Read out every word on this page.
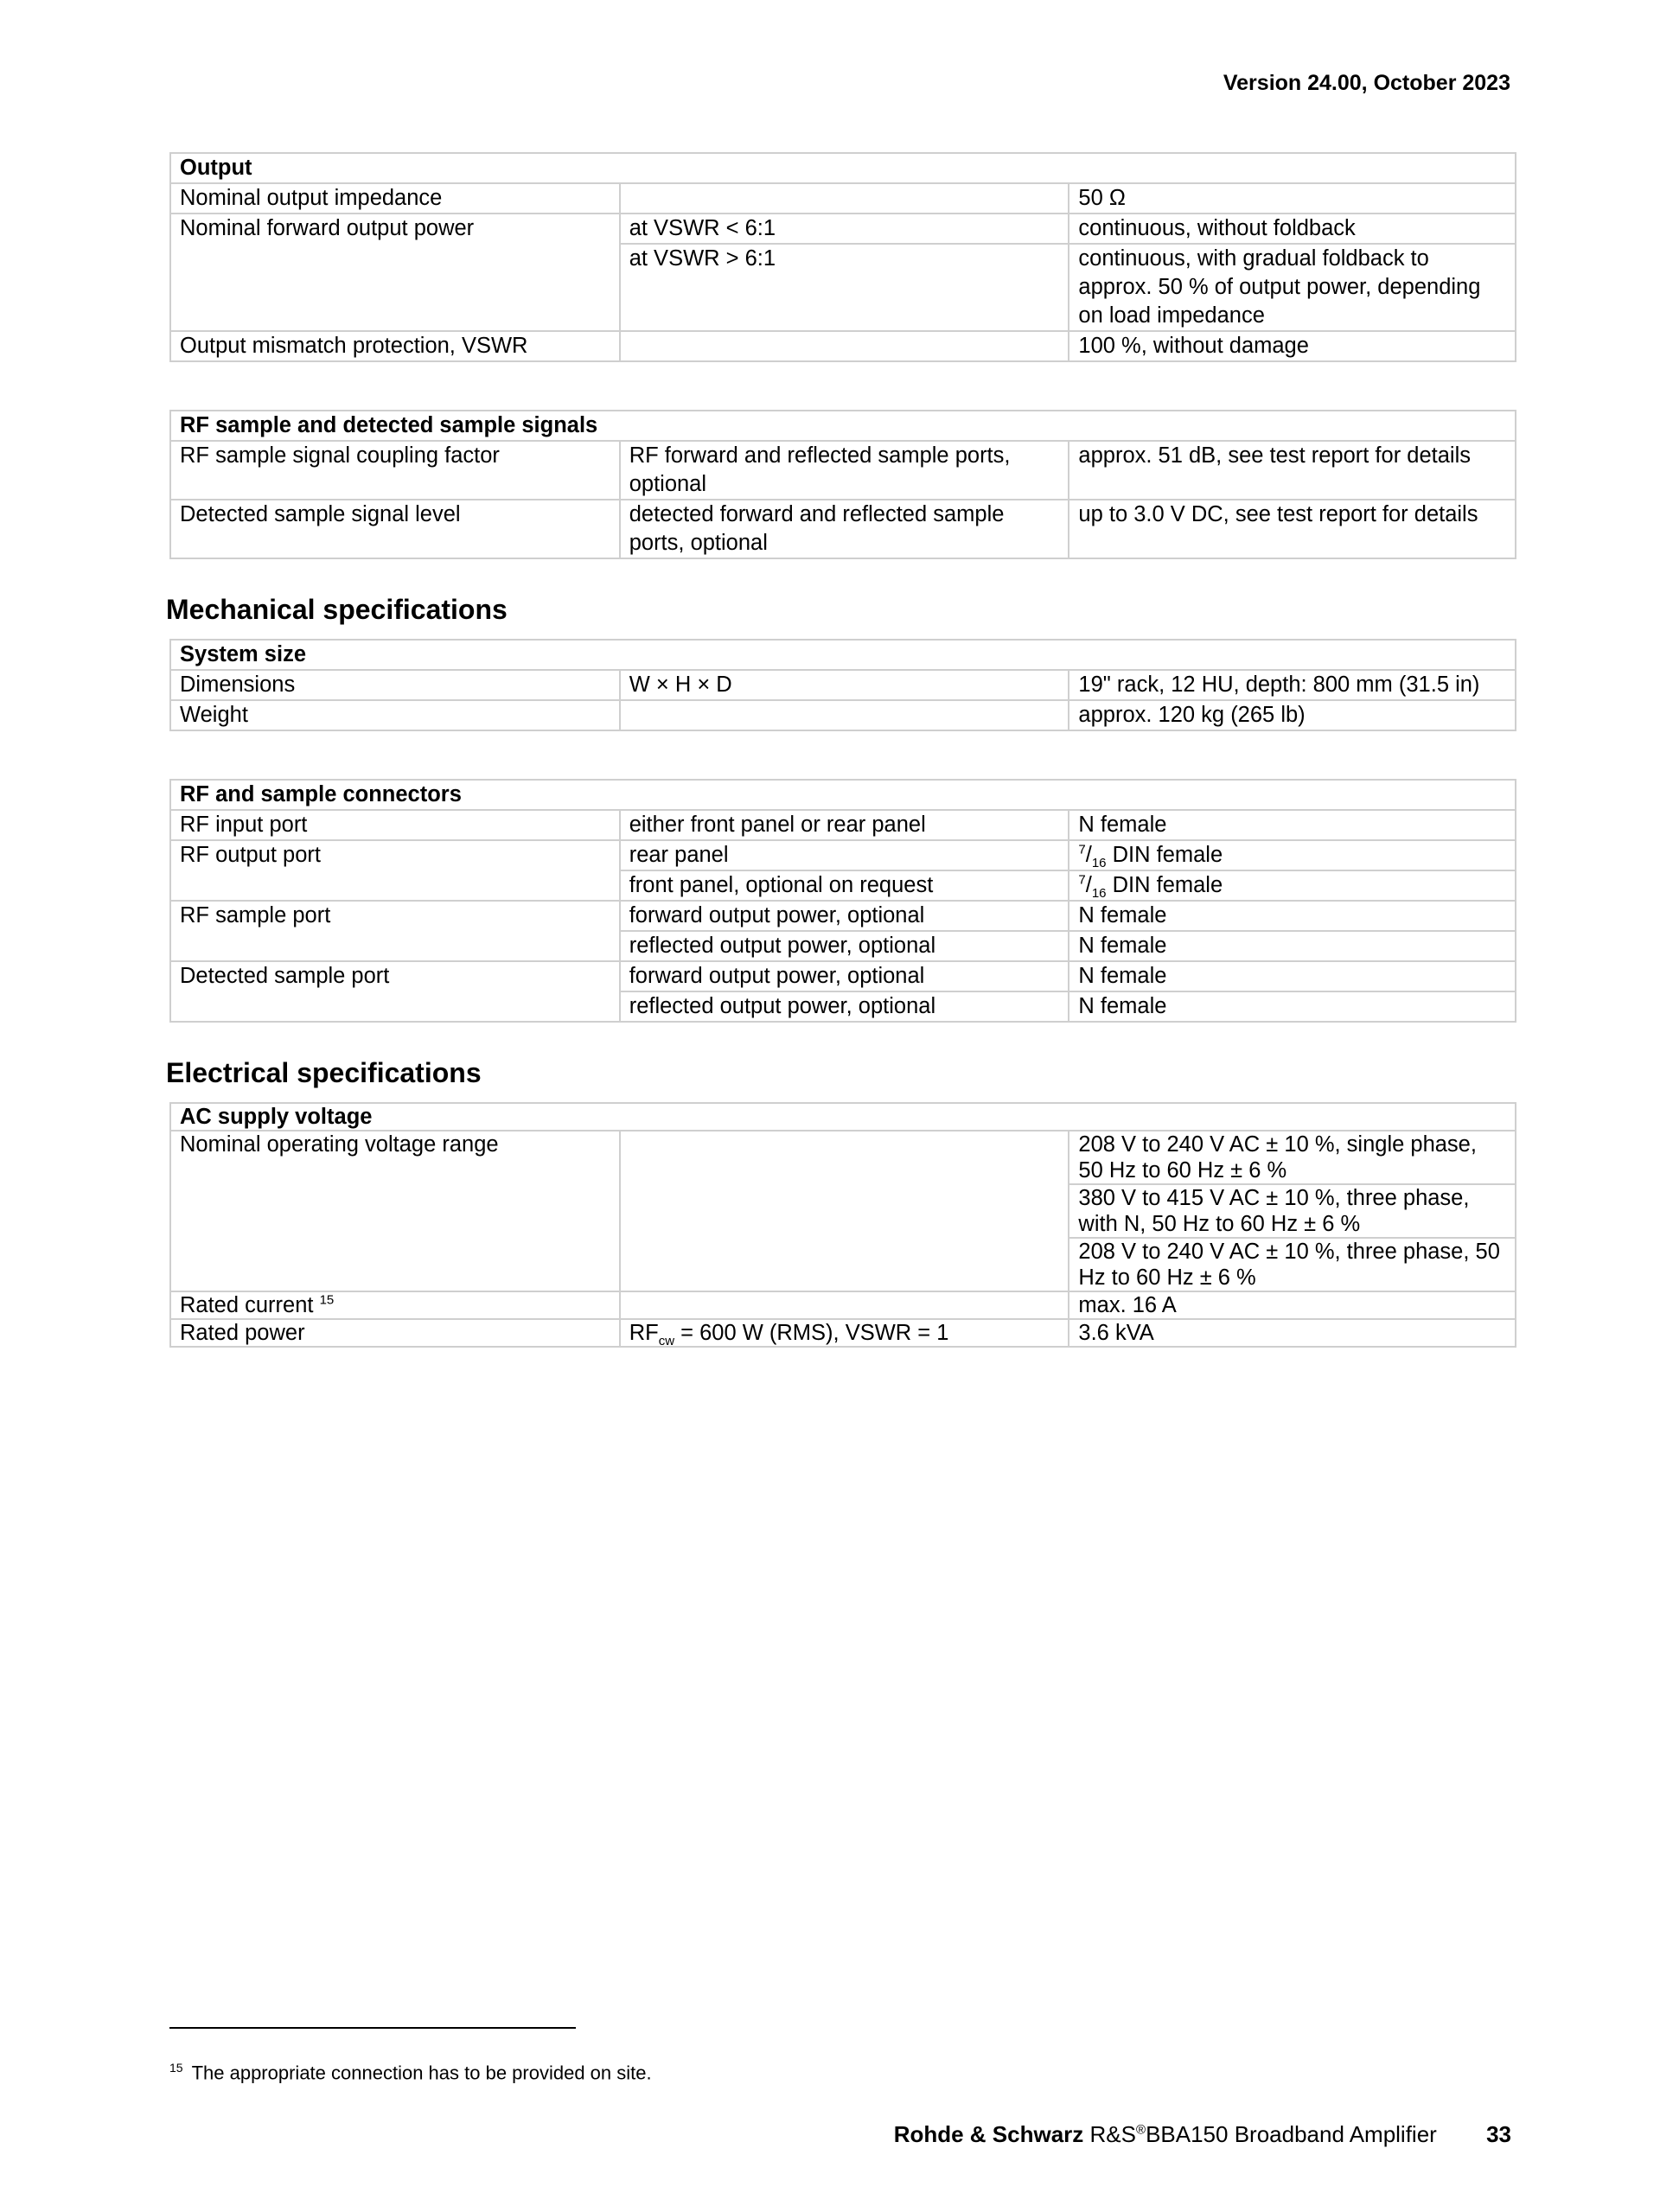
Version 24.00, October 2023
Output		
Nominal output impedance		50 Ω
Nominal forward output power	at VSWR < 6:1	continuous, without foldback
	at VSWR > 6:1	continuous, with gradual foldback to approx. 50 % of output power, depending on load impedance
Output mismatch protection, VSWR		100 %, without damage
RF sample and detected sample signals		
RF sample signal coupling factor	RF forward and reflected sample ports, optional	approx. 51 dB, see test report for details
Detected sample signal level	detected forward and reflected sample ports, optional	up to 3.0 V DC, see test report for details
Mechanical specifications
System size		
Dimensions	W × H × D	19" rack, 12 HU, depth: 800 mm (31.5 in)
Weight		approx. 120 kg (265 lb)
RF and sample connectors		
RF input port	either front panel or rear panel	N female
RF output port	rear panel	$^7/_{16}$ DIN female
	front panel, optional on request	$^7/_{16}$ DIN female
RF sample port	forward output power, optional	N female
	reflected output power, optional	N female
Detected sample port	forward output power, optional	N female
	reflected output power, optional	N female
Electrical specifications
AC supply voltage		
Nominal operating voltage range		208 V to 240 V AC ± 10 %, single phase, 50 Hz to 60 Hz ± 6 %
		380 V to 415 V AC ± 10 %, three phase, with N, 50 Hz to 60 Hz ± 6 %
		208 V to 240 V AC ± 10 %, three phase, 50 Hz to 60 Hz ± 6 %
Rated current $^{15}$		max. 16 A
Rated power	$RF_{cw} = 600$ W (RMS), VSWR = 1	3.6 kVA
$^{15}$ The appropriate connection has to be provided on site.
Rohde & Schwarz R&S®BBA150 Broadband Amplifier 33
